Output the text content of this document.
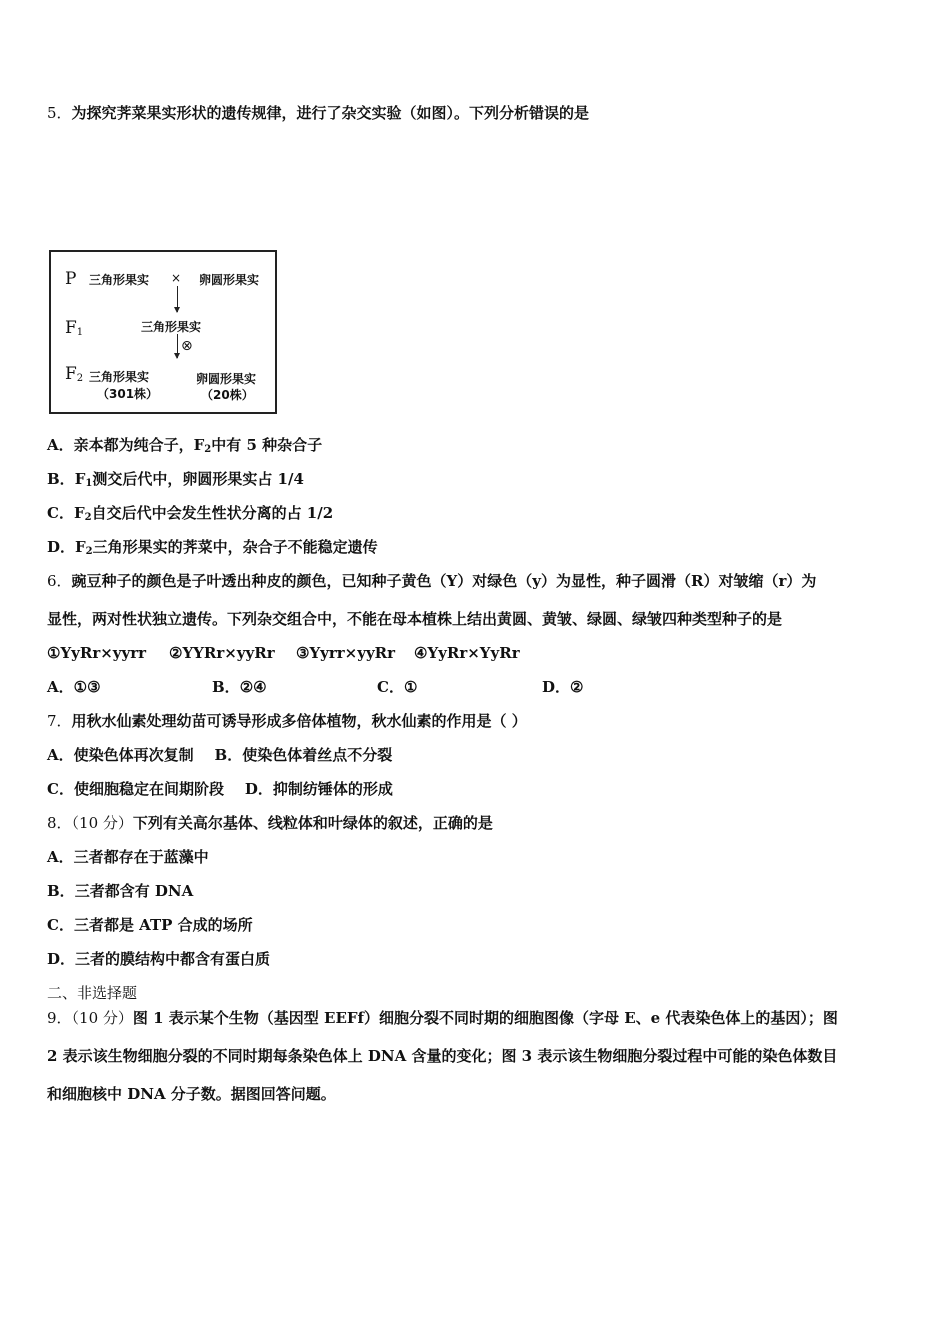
5．为探究荠菜果实形状的遗传规律，进行了杂交实验（如图）。下列分析错误的是
P 三角形果实 × 卵圆形果实
$F_1$	三角形果实
⊗
$F_2$ 三角形果实
（301株）
卵圆形果实
（20株）
A．亲本都为纯合子，$F_2$中有 5 种杂合子
B．$F_1$测交后代中，卵圆形果实占 1/4
C．$F_2$自交后代中会发生性状分离的占 1/2
D．$F_2$三角形果实的荠菜中，杂合子不能稳定遗传
6．豌豆种子的颜色是子叶透出种皮的颜色，已知种子黄色（Y）对绿色（y）为显性，种子圆滑（R）对皱缩（r）为
显性，两对性状独立遗传。下列杂交组合中，不能在母本植株上结出黄圆、黄皱、绿圆、绿皱四种类型种子的是
①YyRr×yyrr ②YYRr×yyRr ③Yyrr×yyRr ④YyRr×YyRr
A．①③	B．②④	C．①	D．②
7．用秋水仙素处理幼苗可诱导形成多倍体植物，秋水仙素的作用是（ ）
A．使染色体再次复制 B．使染色体着丝点不分裂
C．使细胞稳定在间期阶段 D．抑制纺锤体的形成
8．（10 分）下列有关高尔基体、线粒体和叶绿体的叙述，正确的是
A．三者都存在于蓝藻中
B．三者都含有 DNA
C．三者都是 ATP 合成的场所
D．三者的膜结构中都含有蛋白质
二、非选择题
9．（10 分）图 1 表示某个生物（基因型 EEFf）细胞分裂不同时期的细胞图像（字母 E、e 代表染色体上的基因）；图
2 表示该生物细胞分裂的不同时期每条染色体上 DNA 含量的变化；图 3 表示该生物细胞分裂过程中可能的染色体数目
和细胞核中 DNA 分子数。据图回答问题。
